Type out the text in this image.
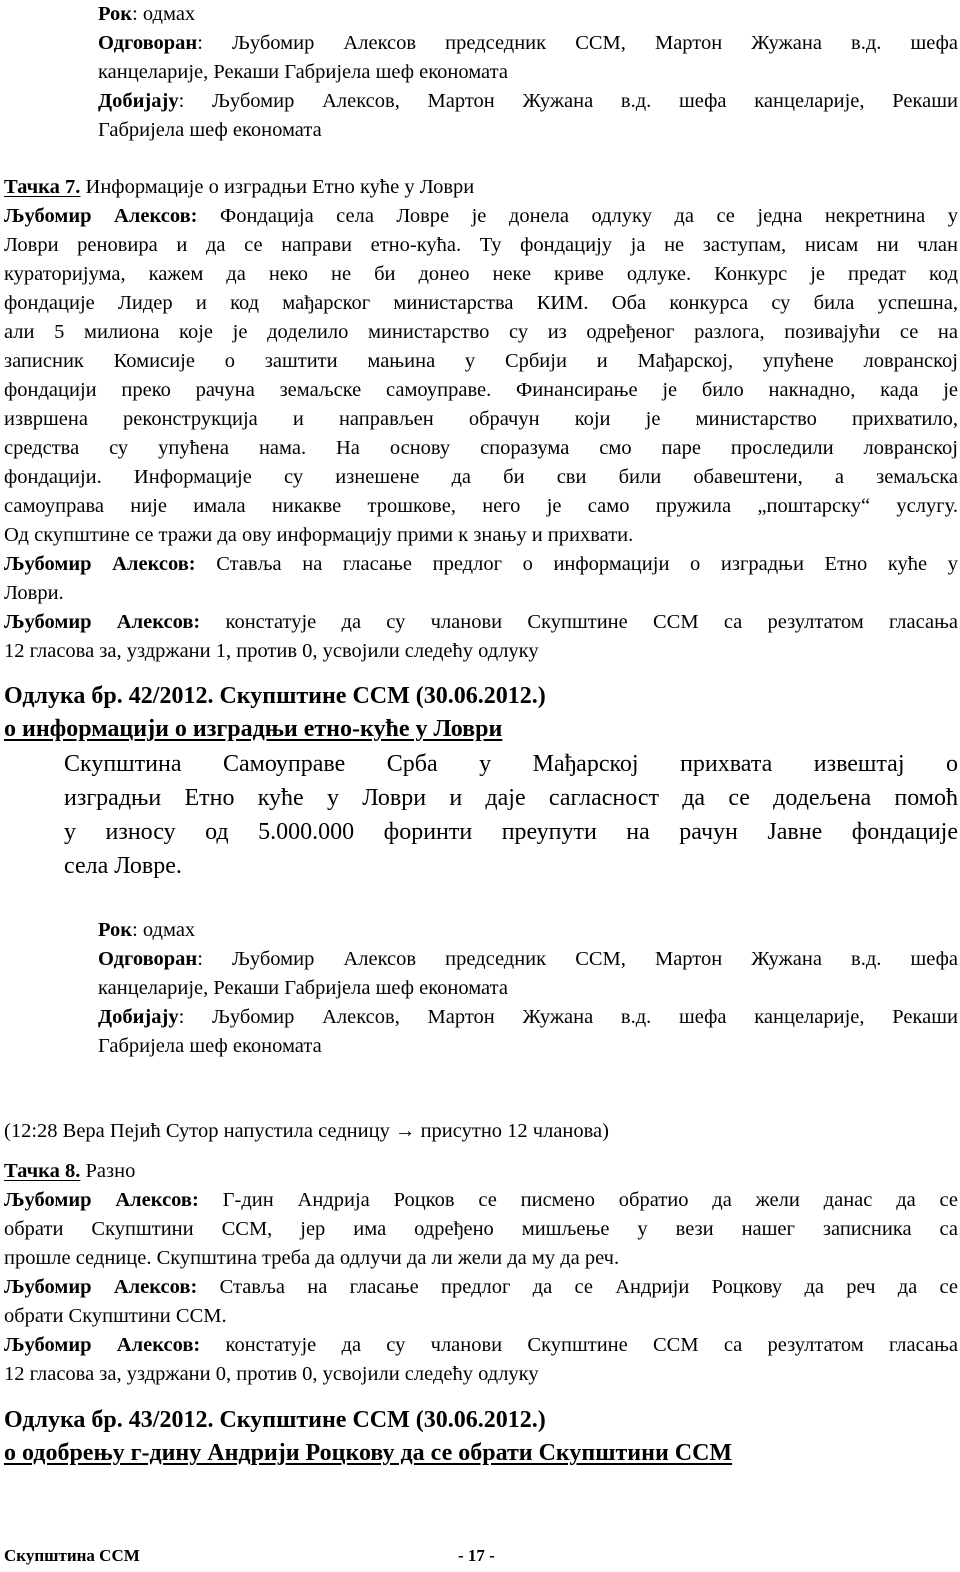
Рок: одмах
Одговоран: Љубомир Алексов председник ССМ, Мартон Жужана в.д. шефа
канцеларије, Рекаши Габријела шеф економата
Добијају: Љубомир Алексов, Мартон Жужана в.д. шефа канцеларије, Рекаши
Габријела шеф економата
Тачка 7. Информације о изградњи Етно куће у Ловри
Љубомир Алексов: Фондација села Ловре је донела одлуку да се једна некретнина у
Ловри реновира и да се направи етно-кућа. Ту фондацију ја не заступам, нисам ни члан
кураторијума, кажем да неко не би донео неке криве одлуке. Конкурс је предат код
фондације Лидер и код мађарског министарства КИМ. Оба конкурса су била успешна,
али 5 милиона које је доделило министарство су из одређеног разлога, позивајући се на
записник Комисије о заштити мањина у Србији и Мађарској, упућене ловранској
фондацији преко рачуна земаљске самоуправе. Финансирање је било накнадно, када је
извршена реконструкција и направљен обрачун који је министарство прихватило,
средства су упућена нама. На основу споразума смо паре проследили ловранској
фондацији. Информације су изнешене да би сви били обавештени, а земаљска
самоуправа није имала никакве трошкове, него је само пружила „поштарску“ услугу.
Од скупштине се тражи да ову информацију прими к знању и прихвати.
Љубомир Алексов: Стављa на гласање предлог о информацији о изградњи Етно куће у
Ловри.
Љубомир Алексов: констатује да су чланови Скупштине ССМ са резултатом гласања
12 гласова за, уздржани 1, против 0, усвојили следећу одлуку
Одлука бр. 42/2012. Скупштине ССМ (30.06.2012.)
о информацији о изградњи етно-куће у Ловри
Скупштина Самоуправе Срба у Мађарској прихвата извештај о
изградњи Етно куће у Ловри и даје сагласност да се додељена помоћ
у износу од 5.000.000 форинти преупути на рачун Јавне фондације
села Ловре.
Рок: одмах
Одговоран: Љубомир Алексов председник ССМ, Мартон Жужана в.д. шефа
канцеларије, Рекаши Габријела шеф економата
Добијају: Љубомир Алексов, Мартон Жужана в.д. шефа канцеларије, Рекаши
Габријела шеф економата
(12:28 Вера Пејић Сутор напустила седницу → присутно 12 чланова)
Тачка 8. Разно
Љубомир Алексов: Г-дин Андрија Роцков се писмено обратио да жели данас да се
обрати Скупштини ССМ, јер има одређено мишљење у вези нашег записника са
прошле седнице. Скупштина треба да одлучи да ли жели да му да реч.
Љубомир Алексов: Стављa на гласање предлог да се Андрији Роцкову да реч да се
обрати Скупштини ССМ.
Љубомир Алексов: констатује да су чланови Скупштине ССМ са резултатом гласања
12 гласова за, уздржани 0, против 0, усвојили следећу одлуку
Одлука бр. 43/2012. Скупштине ССМ (30.06.2012.)
о одобрењу г-дину Андрији Роцкову да се обрати Скупштини ССМ
Скупштина ССМ	- 17 -
